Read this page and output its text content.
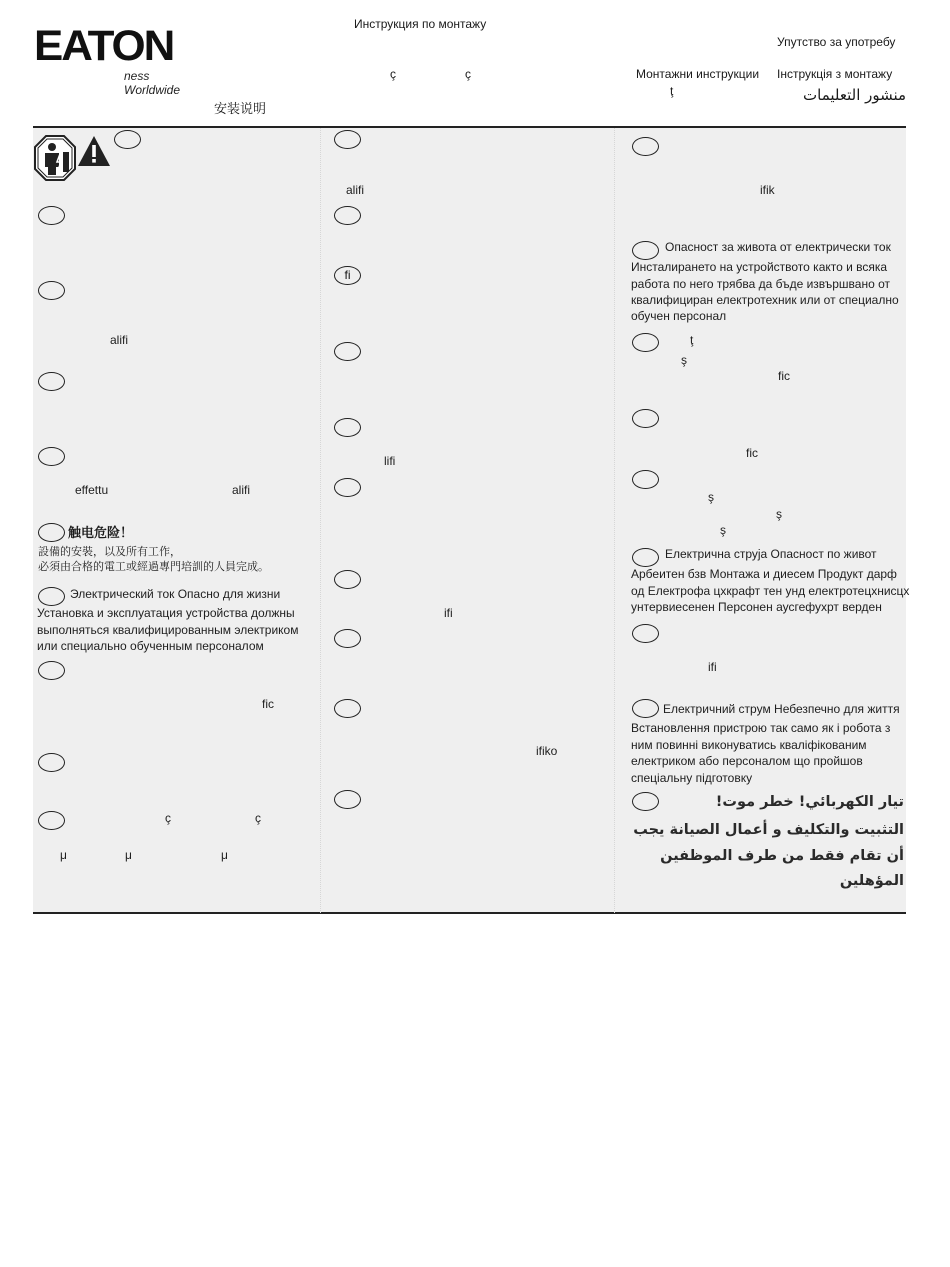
EATON
ness Worldwide
Инструкция по монтажу
Упутство за употребу
ç	ç	Монтажни инструкции Інструкція з монтажу
ţ	منشور التعليمات
安装说明
alifi
effettu	alifi
触电危险！
設備的安裝，以及所有工作，
必須由合格的電工或經過專門培訓的人員完成。
Электрический ток Опасно для жизни
Установка и эксплуатация устройства должны
выполняться квалифицированным электриком
или специально обученным персоналом
fic
ç	ç
μ	μ	μ
alifi
fi
lifi
ifi
ifiko
ifik
Опасност за живота от електрически ток
Инсталирането на устройството както и всяка
работа по него трябва да бъде извършвано от
квалифициран електротехник или от специално
обучен персонал
ţ
ş
fic
fic
ş
ş
ş
Електрична струја Опасност по живот
Арбеитен бзв Монтажа и диесем Продукт дарф
од Електрофа цхкрафт тен унд електротецхнисцх
унтервиесенен Персонен аусгефухрт верден
ifi
Електричний струм Небезпечно для життя
Встановлення пристрою так само як і робота з
ним повинні виконуватись кваліфікованим
електриком або персоналом що пройшов
спеціальну підготовку
تيار الكهربائي! خطر موت!
التثبيت والتكليف و أعمال الصيانة يجب
أن تقام فقط من طرف الموظفين
المؤهلين
